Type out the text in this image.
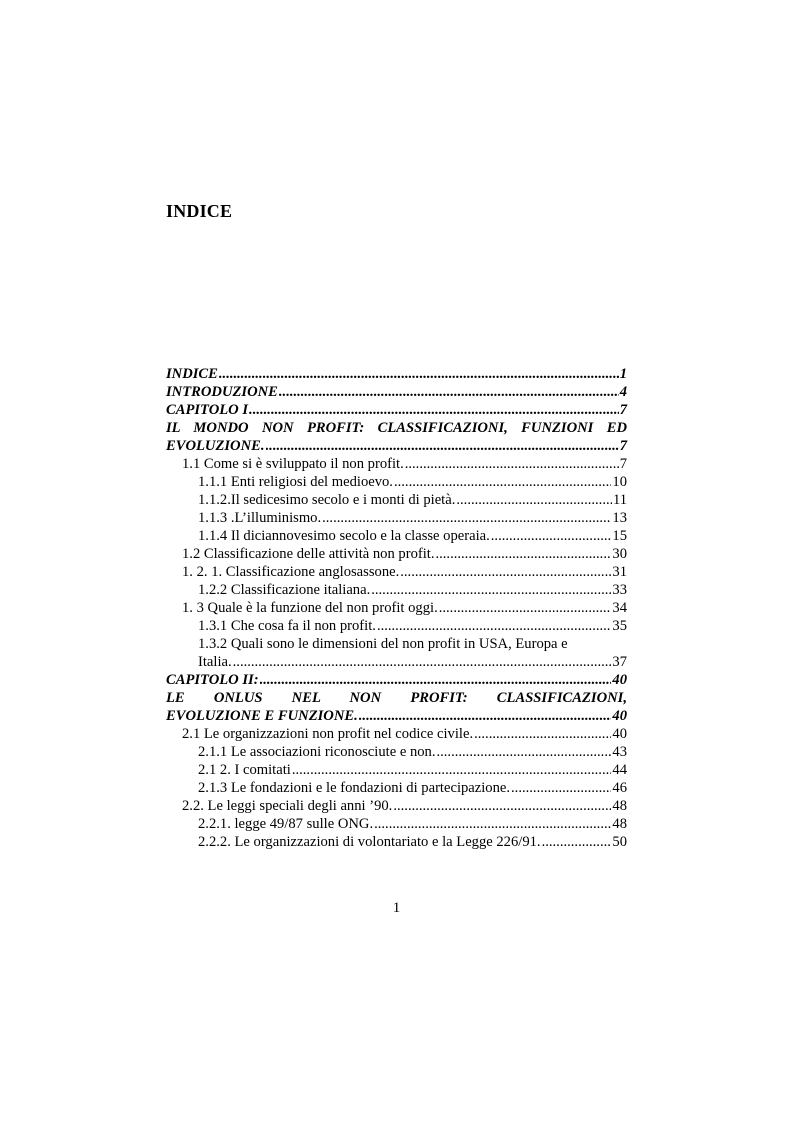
INDICE
INDICE .....	1
INTRODUZIONE .....	4
CAPITOLO I .....	7
IL MONDO NON PROFIT: CLASSIFICAZIONI, FUNZIONI ED
EVOLUZIONE. .....	7
1.1 Come si è sviluppato il non profit. .....	7
1.1.1 Enti religiosi del medioevo. .....	10
1.1.2.Il sedicesimo secolo e i monti di pietà. .....	11
1.1.3 .L’illuminismo. .....	13
1.1.4 Il diciannovesimo secolo e la classe operaia. .....	15
1.2 Classificazione delle attività non profit. .....	30
1. 2. 1. Classificazione anglosassone. .....	31
1.2.2 Classificazione italiana. .....	33
1. 3 Quale è la funzione del non profit oggi. .....	34
1.3.1 Che cosa fa il non profit. .....	35
1.3.2 Quali sono le dimensioni del non profit in USA, Europa e
Italia. .....	37
CAPITOLO II: .....	40
LE ONLUS NEL NON PROFIT: CLASSIFICAZIONI,
EVOLUZIONE E FUNZIONE. .....	40
2.1 Le organizzazioni non profit nel codice civile. .....	40
2.1.1 Le associazioni riconosciute e non. .....	43
2.1 2. I comitati .....	44
2.1.3 Le fondazioni e le fondazioni di partecipazione. .....	46
2.2. Le leggi speciali degli anni ’90. .....	48
2.2.1. legge 49/87 sulle ONG. .....	48
2.2.2. Le organizzazioni di volontariato e la Legge 226/91. .....	50
1
